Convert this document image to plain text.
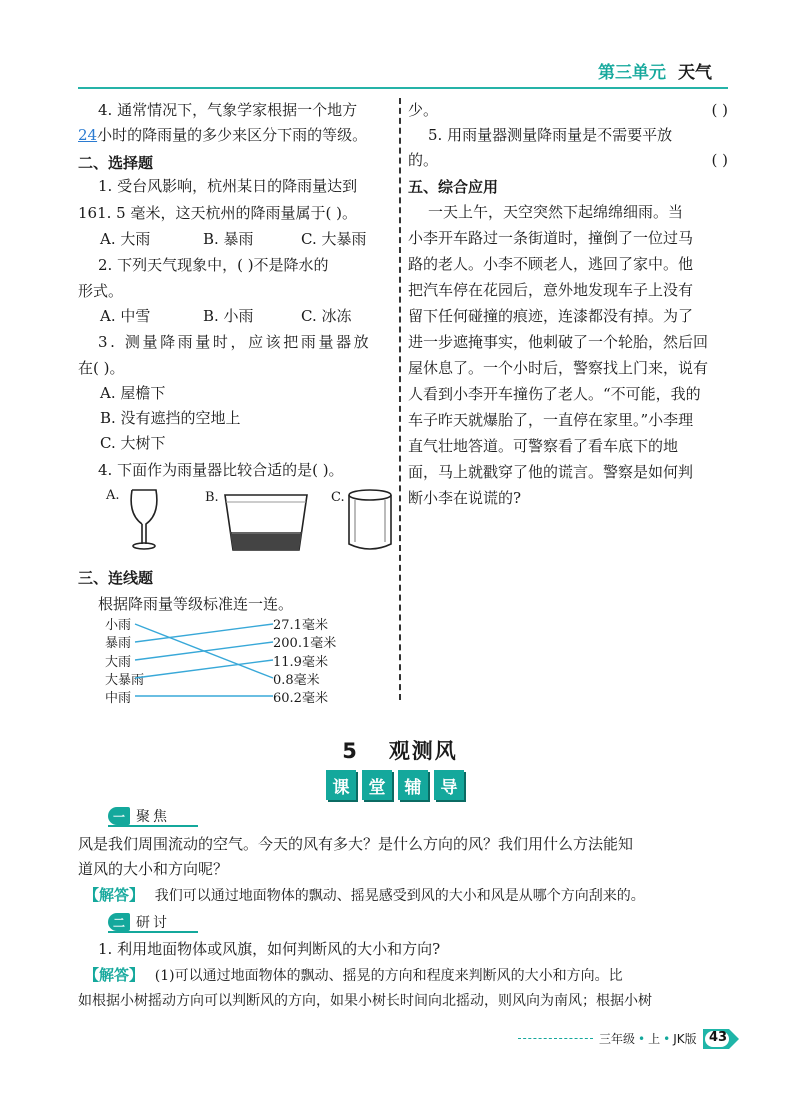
第三单元 天气
4. 通常情况下，气象学家根据一个地方
24小时的降雨量的多少来区分下雨的等级。
二、选择题
1. 受台风影响，杭州某日的降雨量达到
161. 5 毫米，这天杭州的降雨量属于( )。
A. 大雨	B. 暴雨	C. 大暴雨
2. 下列天气现象中，( )不是降水的
形式。
A. 中雪	B. 小雨	C. 冰冻
3. 测量降雨量时，应该把雨量器放
在( )。
A. 屋檐下
B. 没有遮挡的空地上
C. 大树下
4. 下面作为雨量器比较合适的是( )。
A.	B.	C.
三、连线题
根据降雨量等级标准连一连。
小雨
暴雨
大雨
大暴雨
中雨
27.1毫米
200.1毫米
11.9毫米
0.8毫米
60.2毫米
少。	( )
5. 用雨量器测量降雨量是不需要平放
的。	( )
五、综合应用
一天上午，天空突然下起绵绵细雨。当
小李开车路过一条街道时，撞倒了一位过马
路的老人。小李不顾老人，逃回了家中。他
把汽车停在花园后，意外地发现车子上没有
留下任何碰撞的痕迹，连漆都没有掉。为了
进一步遮掩事实，他刺破了一个轮胎，然后回
屋休息了。一个小时后，警察找上门来，说有
人看到小李开车撞伤了老人。“不可能，我的
车子昨天就爆胎了，一直停在家里。”小李理
直气壮地答道。可警察看了看车底下的地
面，马上就戳穿了他的谎言。警察是如何判
断小李在说谎的?
5 观测风
课	堂	辅	导
一 聚焦
风是我们周围流动的空气。今天的风有多大？是什么方向的风？我们用什么方法能知
道风的大小和方向呢？
【解答】 我们可以通过地面物体的飘动、摇晃感受到风的大小和风是从哪个方向刮来的。
二 研讨
1. 利用地面物体或风旗，如何判断风的大小和方向?
【解答】 (1)可以通过地面物体的飘动、摇晃的方向和程度来判断风的大小和方向。比
如根据小树摇动方向可以判断风的方向，如果小树长时间向北摇动，则风向为南风；根据小树
三年级 • 上 • JK版 43
